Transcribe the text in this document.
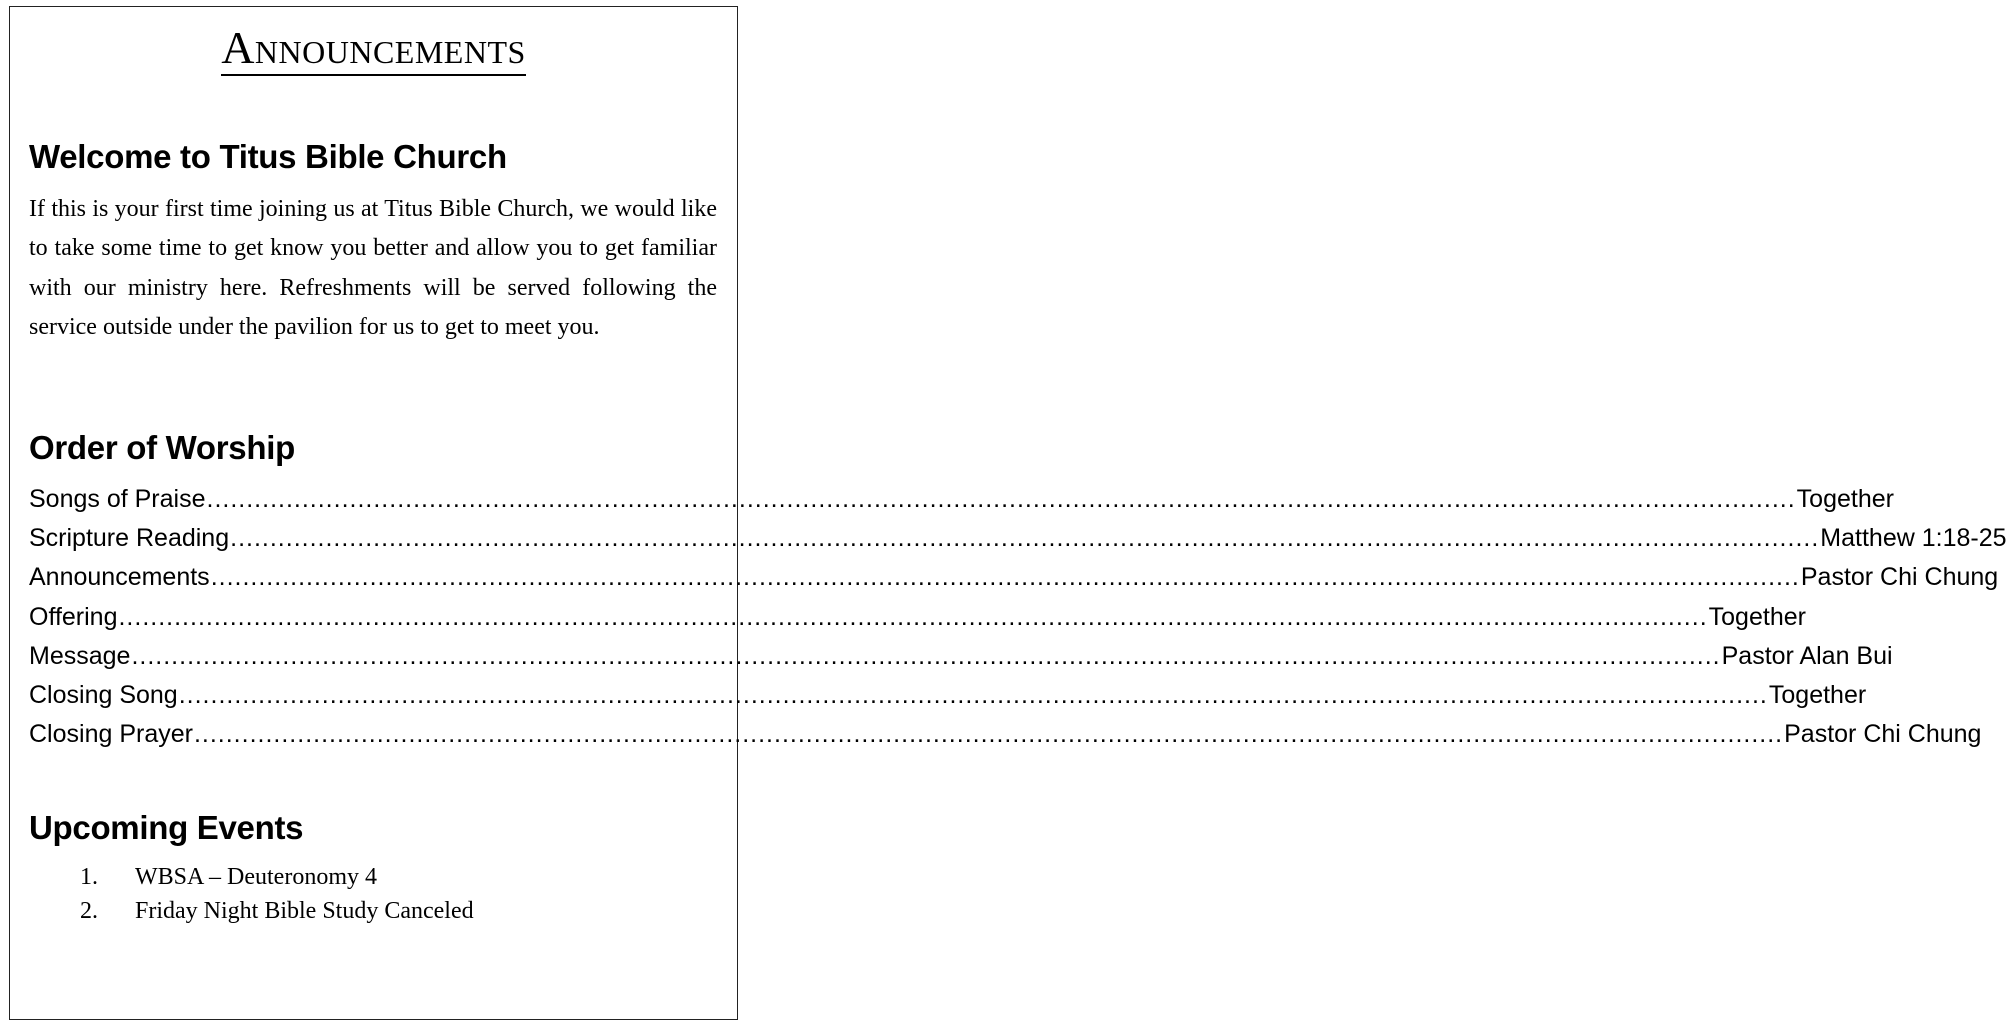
Announcements
Welcome to Titus Bible Church
If this is your first time joining us at Titus Bible Church, we would like to take some time to get know you better and allow you to get familiar with our ministry here. Refreshments will be served following the service outside under the pavilion for us to get to meet you.
Order of Worship
Songs of Praise ........................................................................................................................................................................................................ Together
Scripture Reading ........................................................................................................................................................................................................ Matthew 1:18-25
Announcements ........................................................................................................................................................................................................ Pastor Chi Chung
Offering ........................................................................................................................................................................................................ Together
Message ........................................................................................................................................................................................................ Pastor Alan Bui
Closing Song ........................................................................................................................................................................................................ Together
Closing Prayer ........................................................................................................................................................................................................ Pastor Chi Chung
Upcoming Events
1.	WBSA – Deuteronomy 4
2.	Friday Night Bible Study Canceled
